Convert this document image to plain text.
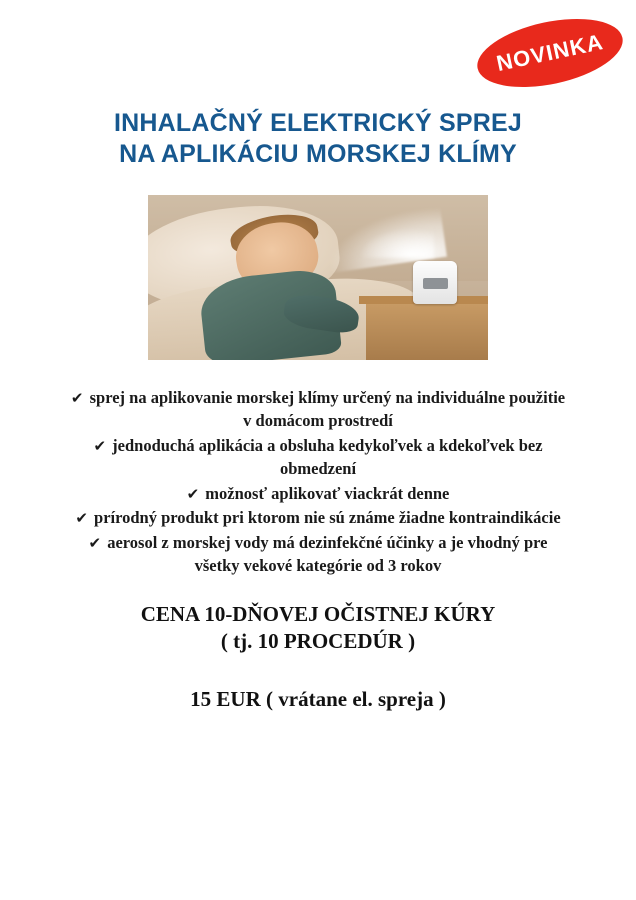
NOVINKA
INHALAČNÝ ELEKTRICKÝ SPREJ
NA APLIKÁCIU MORSKEJ KLÍMY

✔ sprej na aplikovanie morskej klímy určený na individuálne použitie v domácom prostredí

✔ jednoduchá aplikácia a obsluha kedykoľvek a kdekoľvek bez obmedzení

✔ možnosť aplikovať viackrát denne

✔ prírodný produkt pri ktorom nie sú známe žiadne kontraindikácie

✔ aerosol z morskej vody má dezinfekčné účinky a je vhodný pre všetky vekové kategórie od 3 rokov

CENA 10-DŇOVEJ OČISTNEJ KÚRY
( tj. 10 PROCEDÚR )
15 EUR ( vrátane el. spreja )
